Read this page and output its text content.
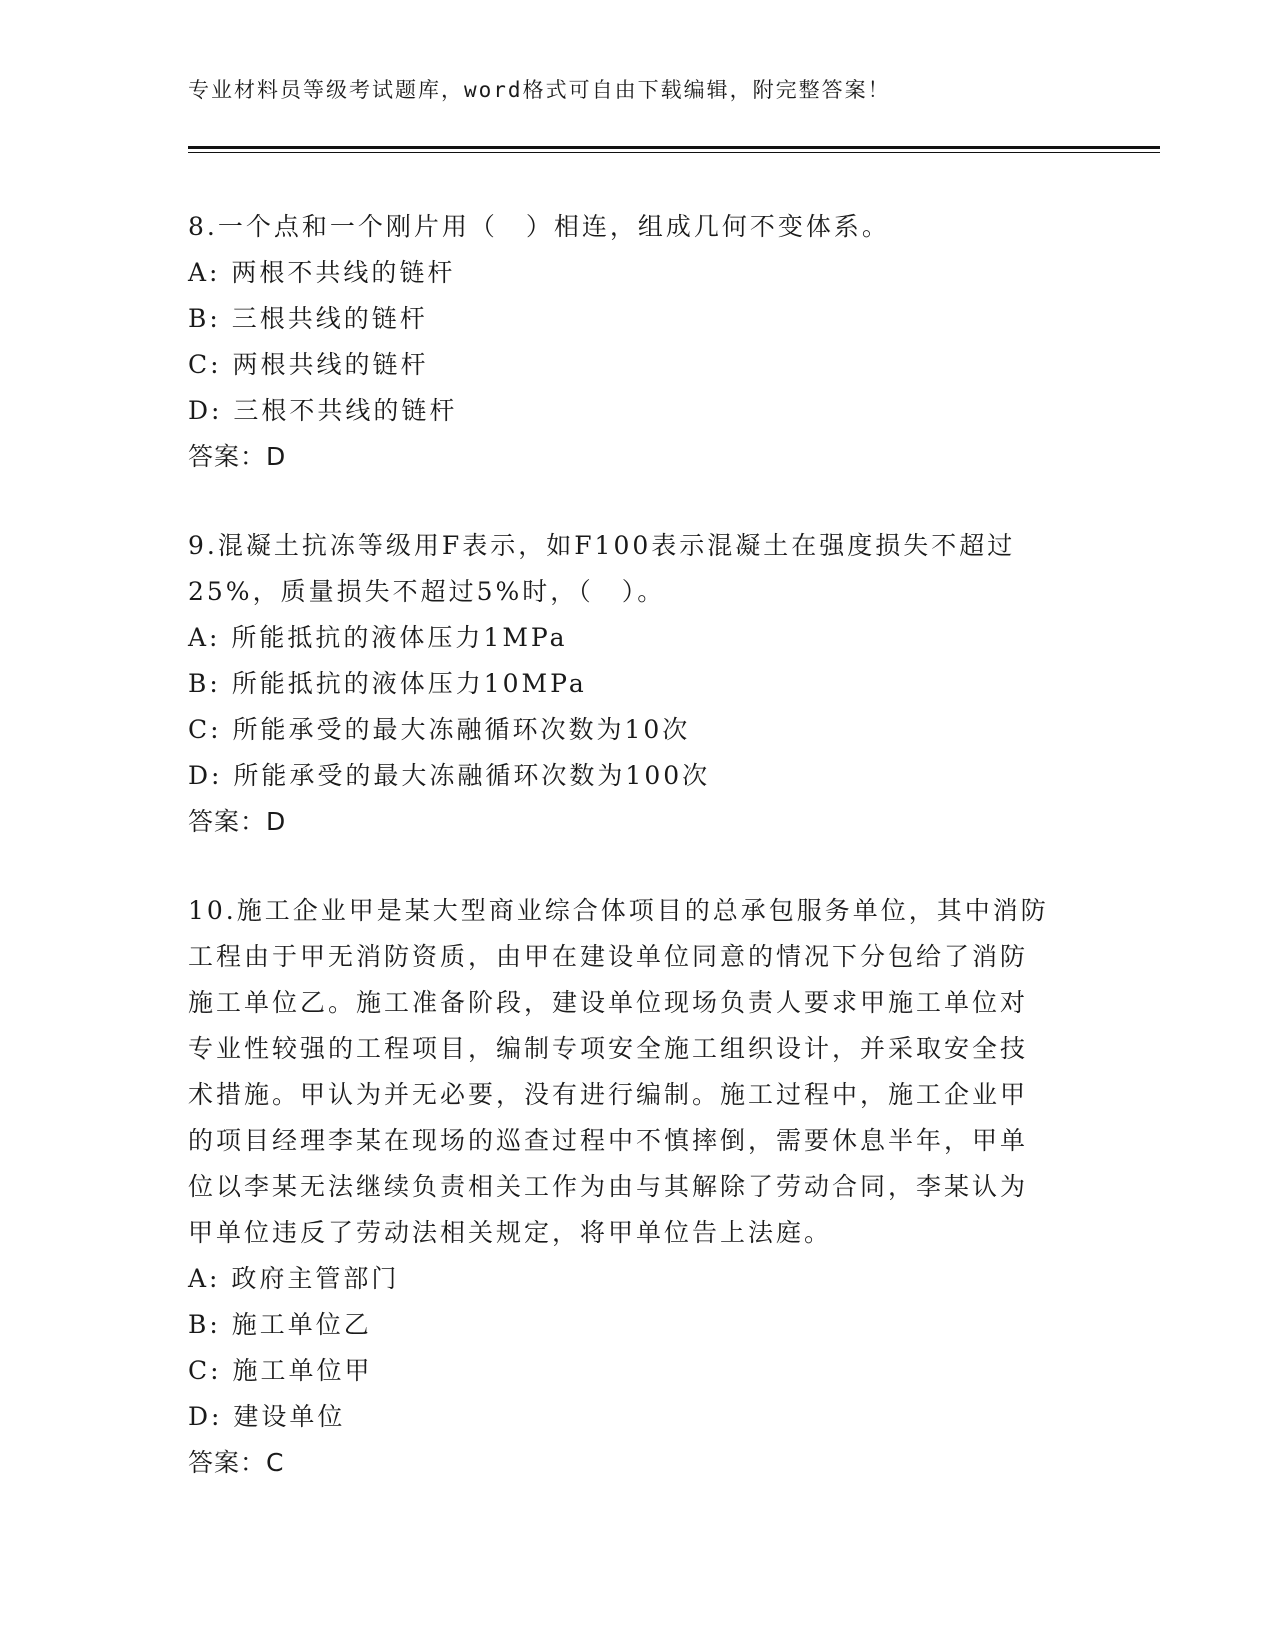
专业材料员等级考试题库，word格式可自由下载编辑，附完整答案！
8.一个点和一个刚片用（　）相连，组成几何不变体系。
A: 两根不共线的链杆
B: 三根共线的链杆
C: 两根共线的链杆
D: 三根不共线的链杆
答案：D
9.混凝土抗冻等级用F表示，如F100表示混凝土在强度损失不超过
25%，质量损失不超过5%时，（　）。
A: 所能抵抗的液体压力1MPa
B: 所能抵抗的液体压力10MPa
C: 所能承受的最大冻融循环次数为10次
D: 所能承受的最大冻融循环次数为100次
答案：D
10.施工企业甲是某大型商业综合体项目的总承包服务单位，其中消防
工程由于甲无消防资质，由甲在建设单位同意的情况下分包给了消防
施工单位乙。施工准备阶段，建设单位现场负责人要求甲施工单位对
专业性较强的工程项目，编制专项安全施工组织设计，并采取安全技
术措施。甲认为并无必要，没有进行编制。施工过程中，施工企业甲
的项目经理李某在现场的巡查过程中不慎摔倒，需要休息半年，甲单
位以李某无法继续负责相关工作为由与其解除了劳动合同，李某认为
甲单位违反了劳动法相关规定，将甲单位告上法庭。
A: 政府主管部门
B: 施工单位乙
C: 施工单位甲
D: 建设单位
答案：C
